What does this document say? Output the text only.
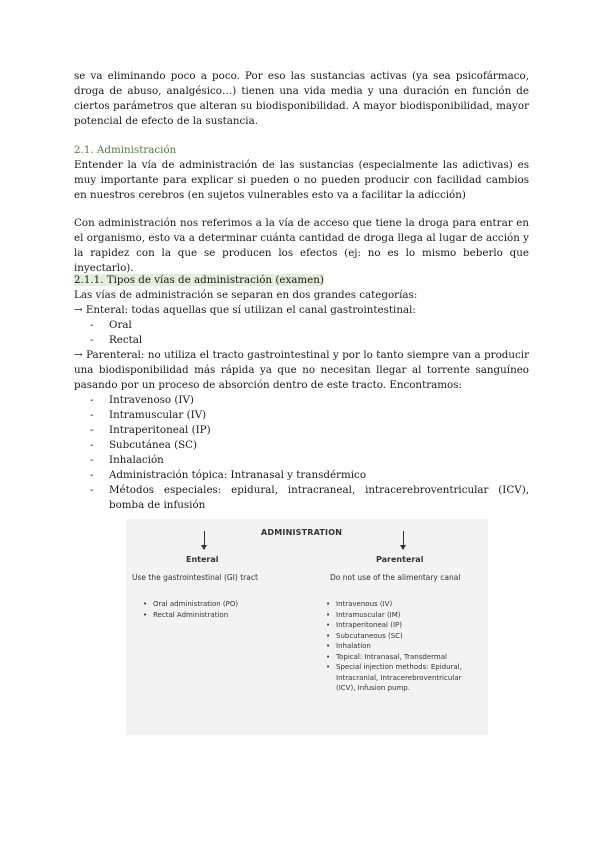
se va eliminando poco a poco. Por eso las sustancias activas (ya sea psicofármaco, droga de abuso, analgésico…) tienen una vida media y una duración en función de ciertos parámetros que alteran su biodisponibilidad. A mayor biodisponibilidad, mayor potencial de efecto de la sustancia.

2.1. Administración

Entender la vía de administración de las sustancias (especialmente las adictivas) es muy importante para explicar si pueden o no pueden producir con facilidad cambios en nuestros cerebros (en sujetos vulnerables esto va a facilitar la adicción)

Con administración nos referimos a la vía de acceso que tiene la droga para entrar en el organismo, esto va a determinar cuánta cantidad de droga llega al lugar de acción y la rapidez con la que se producen los efectos (ej: no es lo mismo beberlo que inyectarlo).

2.1.1. Tipos de vías de administración (examen)

Las vías de administración se separan en dos grandes categorías:

→ Enteral: todas aquellas que sí utilizan el canal gastrointestinal:

- Oral
- Rectal

→ Parenteral: no utiliza el tracto gastrointestinal y por lo tanto siempre van a producir una biodisponibilidad más rápida ya que no necesitan llegar al torrente sanguíneo pasando por un proceso de absorción dentro de este tracto. Encontramos:

- Intravenoso (IV)
- Intramuscular (IV)
- Intraperitoneal (IP)
- Subcutánea (SC)
- Inhalación
- Administración tópica: Intranasal y transdérmico
- Métodos especiales: epidural, intracraneal, intracerebroventricular (ICV), bomba de infusión
ADMINISTRATION
Enteral
Use the gastrointestinal (GI) tract
• Oral administration (PO)
• Rectal Administration
Parenteral
Do not use of the alimentary canal
• Intravenous (IV)
• Intramuscular (IM)
• Intraperitoneal (IP)
• Subcutaneous (SC)
• Inhalation
• Topical: Intranasal, Transdermal
• Special injection methods: Epidural, Intracranial, Intracerebroventricular (ICV), Infusion pump.
